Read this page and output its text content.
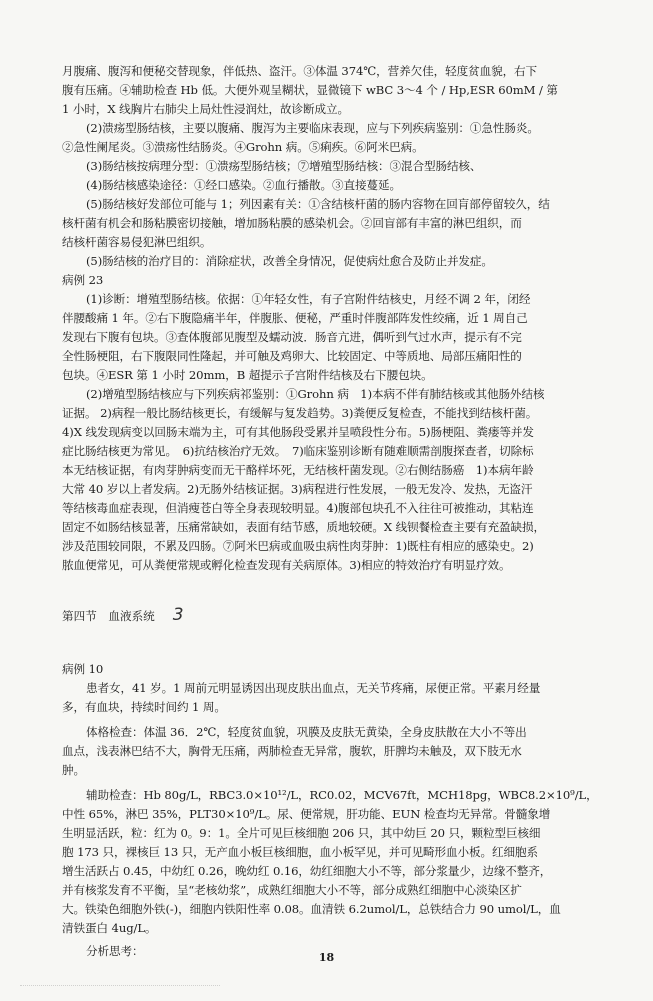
月腹痛、腹泻和便秘交替现象，伴低热、盗汗。③体温 374℃，营养欠佳，轻度贫血貌，右下
腹有压痛。④辅助检查 Hb 低。大便外观呈糊状，显微镜下 wBC 3～4 个 / Hp,ESR 60mM / 第
1 小时，X 线胸片右肺尖上局灶性浸润灶，故诊断成立。
(2)溃疡型肠结核，主要以腹痛、腹泻为主要临床表现，应与下列疾病鉴别：①急性肠炎。
②急性阑尾炎。③溃疡性结肠炎。④Grohn 病。⑤痢疾。⑥阿米巴病。
(3)肠结核按病理分型：①溃疡型肠结核；⑦增殖型肠结核：③混合型肠结核、
(4)肠结核感染途径：①经口感染。②血行播散。③直接蔓延。
(5)肠结核好发部位可能与 1；列因素有关：①含结核杆菌的肠内容物在回肓部停留较久，结
核杆菌有机会和肠粘膜密切接触，增加肠粘膜的感染机会。②回盲部有丰富的淋巴组织，而
结核杆菌容易侵犯淋巴组织。
(5)肠结核的治疗目的：消除症状，改善全身情况，促使病灶愈合及防止并发症。
病例 23
(1)诊断：增殖型肠结核。依据：①年轻女性，有子宫附件结核史，月经不调 2 年，闭经
伴腰酸痛 1 年。②右下腹隐痛半年，伴腹胀、便秘，严重时伴腹部阵发性绞痛，近 1 周自己
发现右下腹有包块。③查体腹部见腹型及蠕动波．肠音亢进，偶听到气过水声，提示有不完
全性肠梗阻，右下腹限同性隆起，并可触及鸡卵大、比较固定、中等质地、局部压痛阳性的
包块。④ESR 第 1 小时 20mm，B 超提示子宫附件结核及右下腰包块。
(2)增殖型肠结核应与下列疾病祁鉴别：①Grohn 病　1)本病不伴有肺结核或其他肠外结核
证据。 2)病程一般比肠结核更长，有缓解与复发趋势。3)粪便反复检查，不能找到结核杆菌。
4)X 线发现病变以回肠末端为主，可有其他肠段受累并呈喷段性分布。5)肠梗阻、粪瘘等并发
症比肠结核更为常见。　6)抗结核治疗无效。　7)临床鉴别诊断有随难顺需剖腹探查者，切除标
本无结核证据，有肉芽肿病变而无干酪样坏死，无结核杆菌发现。②右侧结肠癌　1)本病年龄
大常 40 岁以上者发病。2)无肠外结核证据。3)病程进行性发展，一般无发冷、发热，无盗汗
等结核毒血症表现，但消瘦苍白等全身表现较明显。4)腹部包块孔不入往往可被推动，其粘连
固定不如肠结核显著，压痛常缺如，表面有结节感，质地较硬。X 线钡餐检查主要有充盈缺损，
涉及范围较同限，不累及四肠。⑦阿米巴病或血吸虫病性肉芽肿：1)既柱有相应的感染史。2)
脓血便常见，可从粪便常规或孵化检查发现有关病原体。3)相应的特效治疗有明显疗效。
第四节　血液系统 3
病例 10
患者女，41 岁。1 周前元明显诱因出现皮肤出血点，无关节疼痛，尿便正常。平素月经量
多，有血块，持续时间约 1 周。
体格检查：体温 36．2℃，轻度贫血貌，巩膜及皮肤无黄染，全身皮肤散在大小不等出
血点，浅表淋巴结不大，胸骨无压痛，两肺检查无异常，腹软，肝脾均未触及，双下肢无水
肿。
辅助检查：Hb 80g/L，RBC3.0×10¹²/L，RC0.02，MCV67ft，MCH18pg，WBC8.2×10⁹/L，
中性 65%，淋巴 35%，PLT30×10⁹/L。尿、便常规，肝功能、EUN 检查均无异常。骨髓象增
生明显活跃，粒：红为 0。9：1。全片可见巨核细胞 206 只，其中幼巨 20 只，颗粒型巨核细
胞 173 只，裸核巨 13 只，无产血小板巨核细胞，血小板罕见，并可见畸形血小板。红细胞系
增生活跃占 0.45，中幼红 0.26，晚幼红 0.16，幼红细胞大小不等，部分浆量少，边缘不整齐，
并有核浆发育不平衡，呈“老核幼浆”，成熟红细胞大小不等，部分成熟红细胞中心淡染区扩
大。铁染色细胞外铁(-)，细胞内铁阳性率 0.08。血清铁 6.2umol/L，总铁结合力 90 umol/L，血
清铁蛋白 4ug/L。
分析思考：	18
